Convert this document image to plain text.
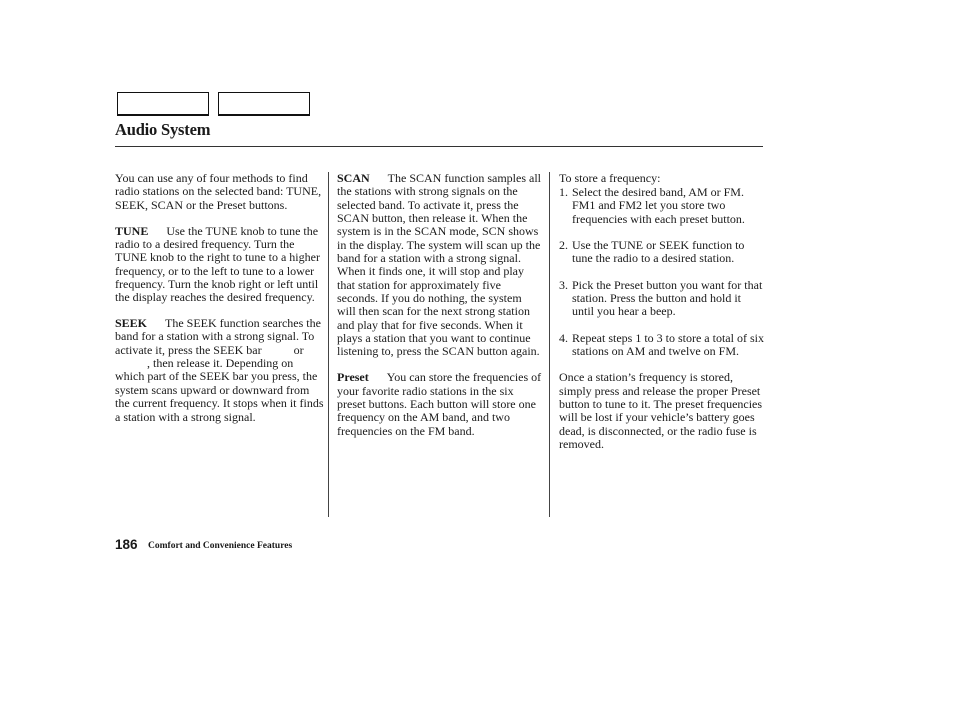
Audio System

You can use any of four methods to find radio stations on the selected band: TUNE, SEEK, SCAN or the Preset buttons.

TUNE Use the TUNE knob to tune the radio to a desired frequency. Turn the TUNE knob to the right to tune to a higher frequency, or to the left to tune to a lower frequency. Turn the knob right or left until the display reaches the desired frequency.

SEEK The SEEK function searches the band for a station with a strong signal. To activate it, press the SEEK bar	or, then release it. Depending on which part of the SEEK bar you press, the system scans upward or downward from the current frequency. It stops when it finds a station with a strong signal.

SCAN The SCAN function samples all the stations with strong signals on the selected band. To activate it, press the SCAN button, then release it. When the system is in the SCAN mode, SCN shows in the display. The system will scan up the band for a station with a strong signal. When it finds one, it will stop and play that station for approximately five seconds. If you do nothing, the system will then scan for the next strong station and play that for five seconds. When it plays a station that you want to continue listening to, press the SCAN button again.

Preset You can store the frequencies of your favorite radio stations in the six preset buttons. Each button will store one frequency on the AM band, and two frequencies on the FM band.

To store a frequency:
1. Select the desired band, AM or FM. FM1 and FM2 let you store two frequencies with each preset button.
2. Use the TUNE or SEEK function to tune the radio to a desired station.
3. Pick the Preset button you want for that station. Press the button and hold it until you hear a beep.
4. Repeat steps 1 to 3 to store a total of six stations on AM and twelve on FM.

Once a station’s frequency is stored, simply press and release the proper Preset button to tune to it. The preset frequencies will be lost if your vehicle’s battery goes dead, is disconnected, or the radio fuse is removed.

186 Comfort and Convenience Features
